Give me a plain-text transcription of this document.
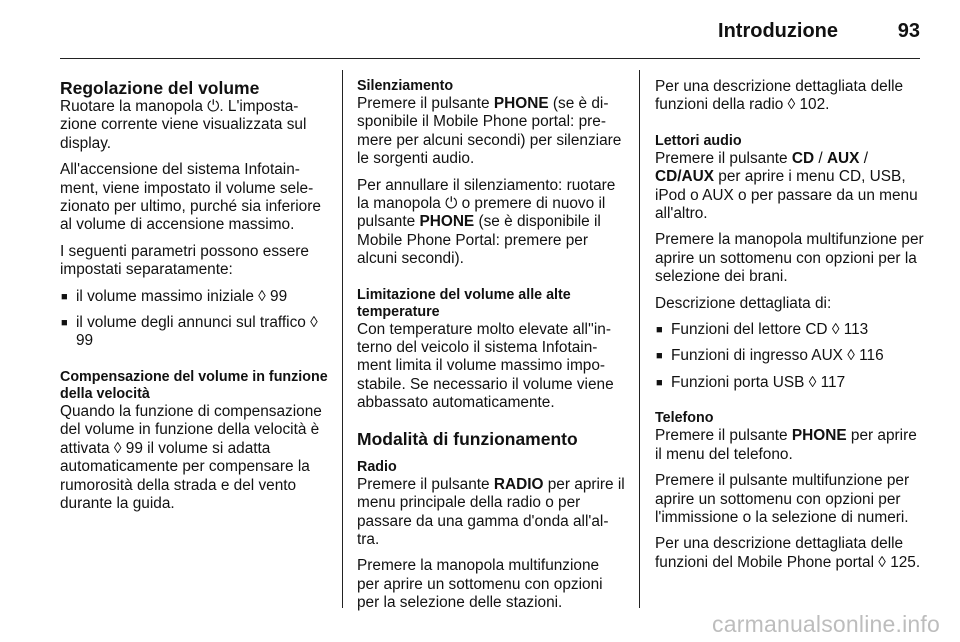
Introduzione	93
Regolazione del volume

Ruotare la manopola ⏻. L'impostazione corrente viene visualizzata sul display.

All'accensione del sistema Infotainment, viene impostato il volume selezionato per ultimo, purché sia inferiore al volume di accensione massimo.

I seguenti parametri possono essere impostati separatamente:

■ il volume massimo iniziale ◊ 99
■ il volume degli annunci sul traffico ◊ 99
Compensazione del volume in funzione della velocità

Quando la funzione di compensazione del volume in funzione della velocità è attivata ◊ 99 il volume si adatta automaticamente per compensare la rumorosità della strada e del vento durante la guida.

Silenziamento

Premere il pulsante PHONE (se è disponibile il Mobile Phone portal: premere per alcuni secondi) per silenziare le sorgenti audio.

Per annullare il silenziamento: ruotare la manopola ⏻ o premere di nuovo il pulsante PHONE (se è disponibile il Mobile Phone Portal: premere per alcuni secondi).

Limitazione del volume alle alte temperature

Con temperature molto elevate all''interno del veicolo il sistema Infotainment limita il volume massimo impostabile. Se necessario il volume viene abbassato automaticamente.

Modalità di funzionamento
Radio

Premere il pulsante RADIO per aprire il menu principale della radio o per passare da una gamma d'onda all'altra.

Premere la manopola multifunzione per aprire un sottomenu con opzioni per la selezione delle stazioni.

Per una descrizione dettagliata delle funzioni della radio ◊ 102.

Lettori audio

Premere il pulsante CD / AUX / CD/AUX per aprire i menu CD, USB, iPod o AUX o per passare da un menu all'altro.

Premere la manopola multifunzione per aprire un sottomenu con opzioni per la selezione dei brani.

Descrizione dettagliata di:

■ Funzioni del lettore CD ◊ 113
■ Funzioni di ingresso AUX ◊ 116
■ Funzioni porta USB ◊ 117
Telefono

Premere il pulsante PHONE per aprire il menu del telefono.

Premere il pulsante multifunzione per aprire un sottomenu con opzioni per l'immissione o la selezione di numeri.

Per una descrizione dettagliata delle funzioni del Mobile Phone portal ◊ 125.

carmanualsonline.info
